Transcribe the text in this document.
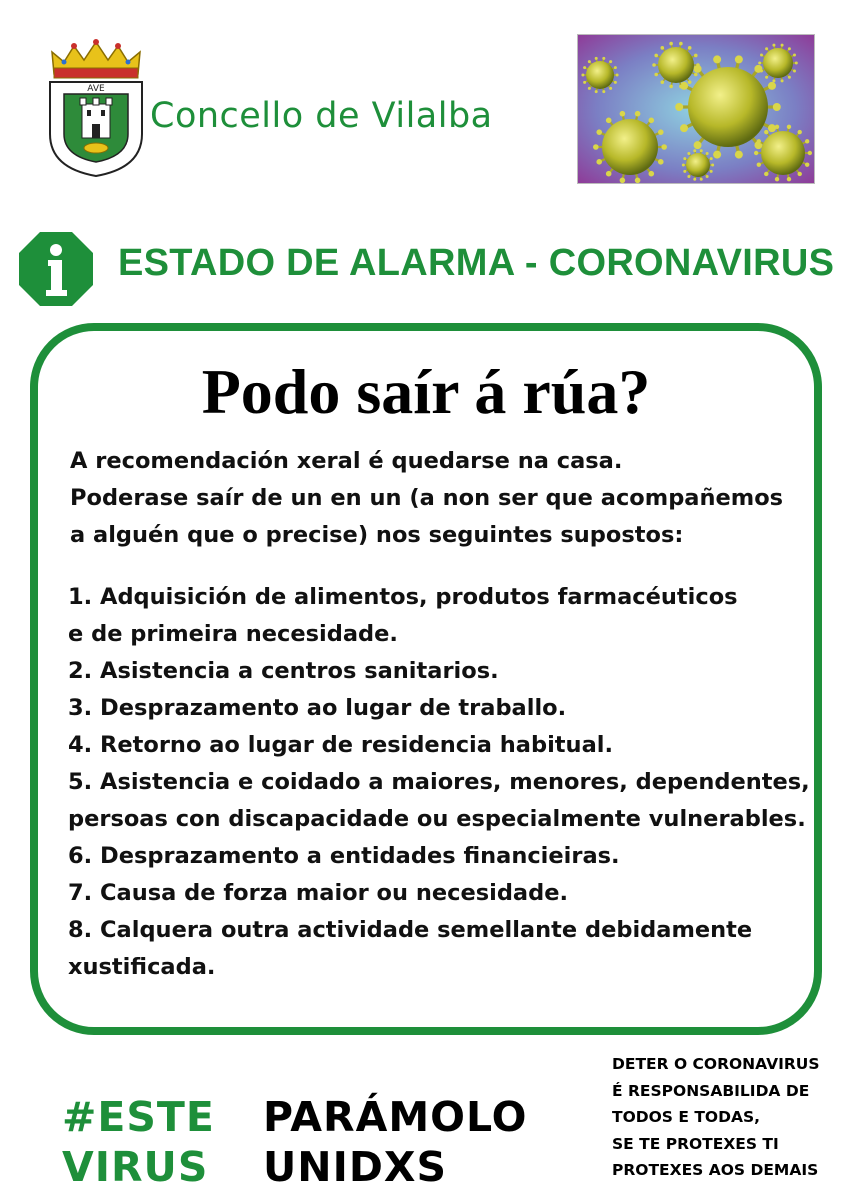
AVE
Concello de Vilalba
ESTADO DE ALARMA - CORONAVIRUS
Podo saír á rúa?
A recomendación xeral é quedarse na casa.
Poderase saír de un en un (a non ser que acompañemos
a alguén que o precise) nos seguintes supostos:
1. Adquisición de alimentos, produtos farmacéuticos
e de primeira necesidade.
2. Asistencia a centros sanitarios.
3. Desprazamento ao lugar de traballo.
4. Retorno ao lugar de residencia habitual.
5. Asistencia e coidado a maiores, menores, dependentes,
persoas con discapacidade ou especialmente vulnerables.
6. Desprazamento a entidades financieiras.
7. Causa de forza maior ou necesidade.
8. Calquera outra actividade semellante debidamente
xustificada.
#ESTE
VIRUS
PARÁMOLO
UNIDXS
DETER O CORONAVIRUS
É RESPONSABILIDA DE
TODOS E TODAS,
SE TE PROTEXES TI
PROTEXES AOS DEMAIS
